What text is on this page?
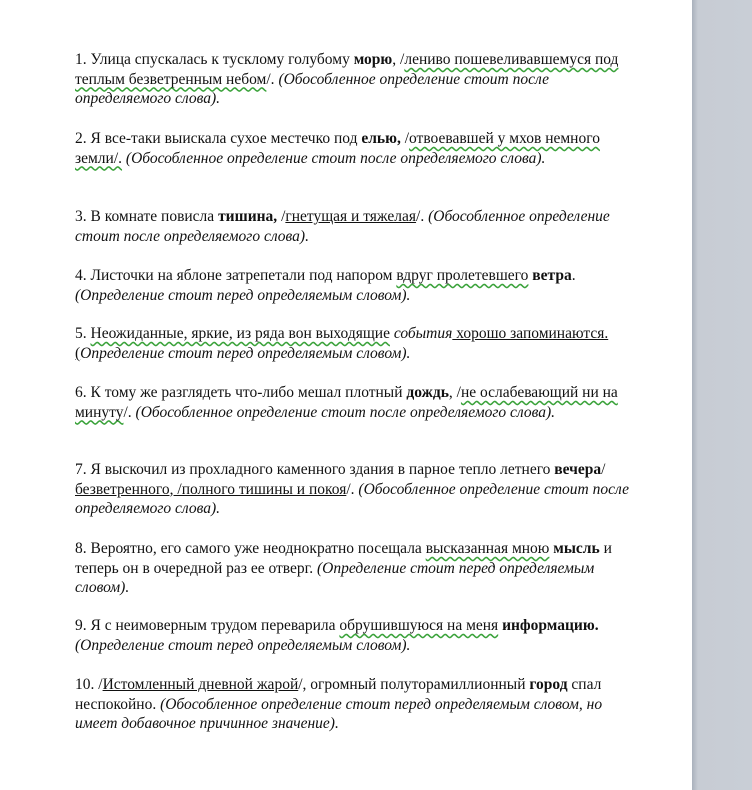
1. Улица спускалась к тусклому голубому морю, /лениво пошевеливавшемуся под теплым безветренным небом/. (Обособленное определение стоит после определяемого слова).

2. Я все-таки выискала сухое местечко под елью, /отвоевавшей у мхов немного земли/. (Обособленное определение стоит после определяемого слова).

3. В комнате повисла тишина, /гнетущая и тяжелая/. (Обособленное определение стоит после определяемого слова).

4. Листочки на яблоне затрепетали под напором вдруг пролетевшего ветра. (Определение стоит перед определяемым словом).

5. Неожиданные, яркие, из ряда вон выходящие события хорошо запоминаются. (Определение стоит перед определяемым словом).

6. К тому же разглядеть что-либо мешал плотный дождь, /не ослабевающий ни на минуту/. (Обособленное определение стоит после определяемого слова).

7. Я выскочил из прохладного каменного здания в парное тепло летнего вечера/ безветренного, /полного тишины и покоя/. (Обособленное определение стоит после определяемого слова).

8. Вероятно, его самого уже неоднократно посещала высказанная мною мысль и теперь он в очередной раз ее отверг. (Определение стоит перед определяемым словом).

9. Я с неимоверным трудом переварила обрушившуюся на меня информацию. (Определение стоит перед определяемым словом).

10. /Истомленный дневной жарой/, огромный полуторамиллионный город спал неспокойно. (Обособленное определение стоит перед определяемым словом, но имеет добавочное причинное значение).
